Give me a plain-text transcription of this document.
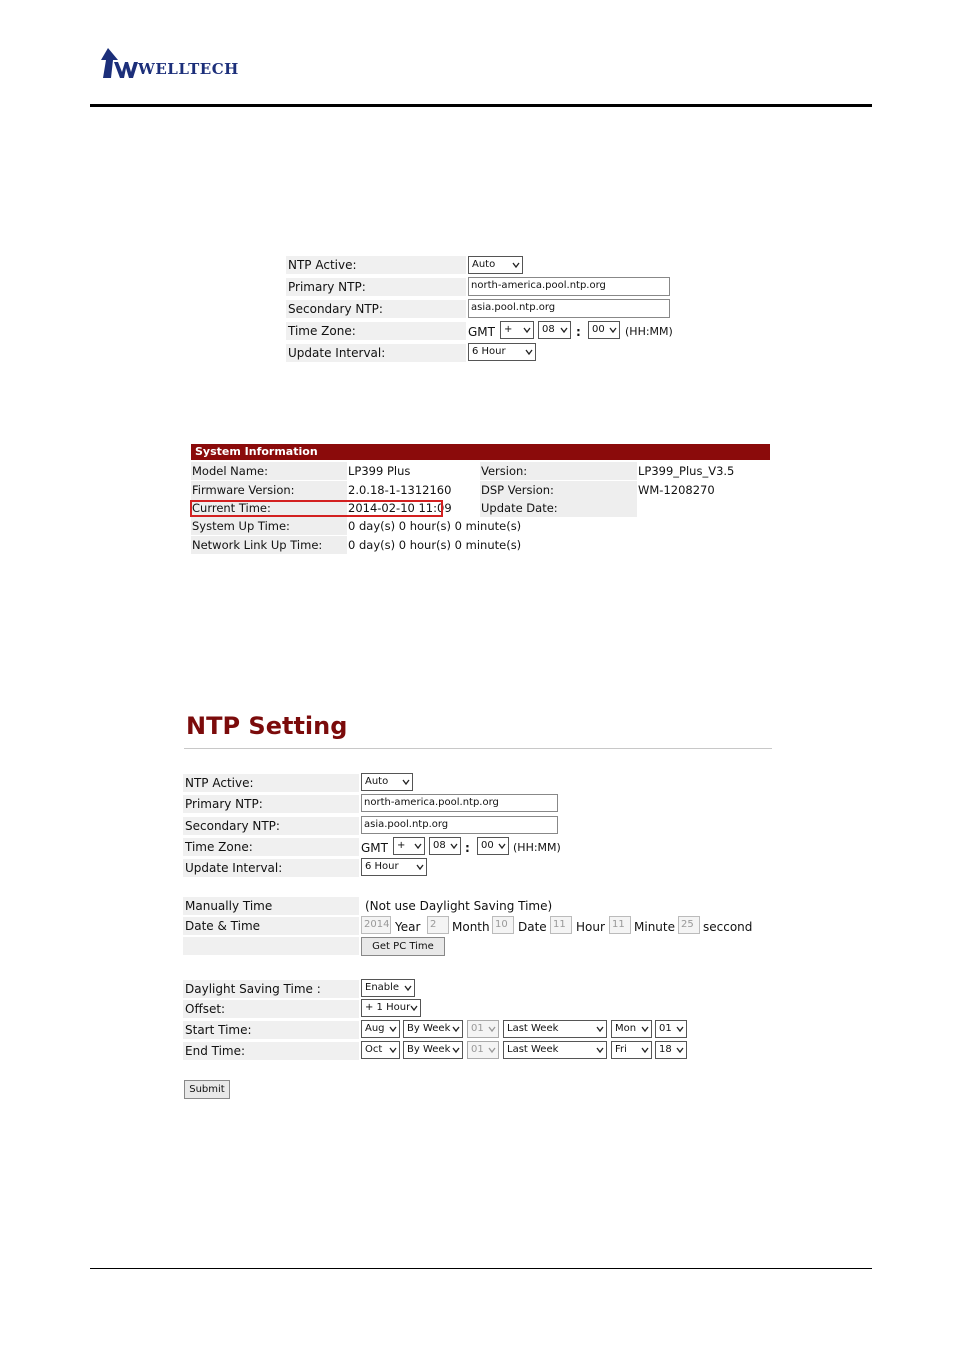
WELLTECH
NTP Active:	Auto
Primary NTP:	north-america.pool.ntp.org
Secondary NTP:	asia.pool.ntp.org
Time Zone:	GMT +	08	:	00	(HH:MM)
Update Interval:	6 Hour
System Information
Model Name:	LP399 Plus	Version:	LP399_Plus_V3.5
Firmware Version:	2.0.18-1-1312160	DSP Version:	WM-1208270
Current Time:	2014-02-10 11:09	Update Date:
System Up Time:	0 day(s) 0 hour(s) 0 minute(s)
Network Link Up Time:	0 day(s) 0 hour(s) 0 minute(s)
NTP Setting
NTP Active:	Auto
Primary NTP:	north-america.pool.ntp.org
Secondary NTP:	asia.pool.ntp.org
Time Zone:	GMT +	08	:	00	(HH:MM)
Update Interval:	6 Hour
Manually Time	(Not use Daylight Saving Time)
Date & Time	2014 Year 2	Month 10 Date 11 Hour 11 Minute 25 seccond
Get PC Time
Daylight Saving Time :	Enable
Offset:	+ 1 Hour
Start Time:	Aug	By Week	01	Last Week	Mon	01
End Time:	Oct	By Week	01	Last Week	Fri	18
Submit
